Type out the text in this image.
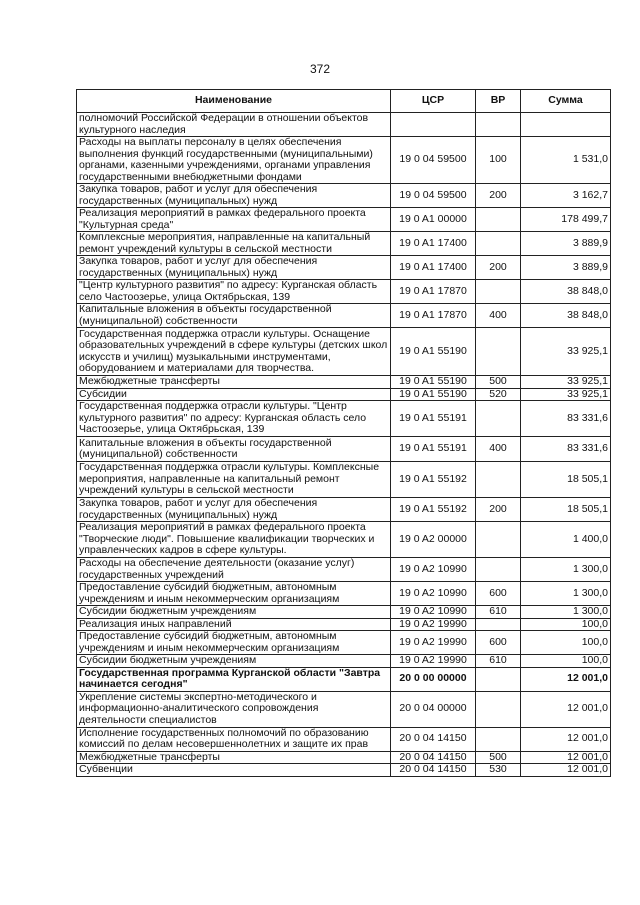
372
Наименование	ЦСР	ВР	Сумма
полномочий Российской Федерации в отношении объектов культурного наследия			
Расходы на выплаты персоналу в целях обеспечения выполнения функций государственными (муниципальными) органами, казенными учреждениями, органами управления государственными внебюджетными фондами	19 0 04 59500	100	1 531,0
Закупка товаров, работ и услуг для обеспечения государственных (муниципальных) нужд	19 0 04 59500	200	3 162,7
Реализация мероприятий в рамках федерального проекта "Культурная среда"	19 0 A1 00000		178 499,7
Комплексные мероприятия, направленные на капитальный ремонт учреждений культуры в сельской местности	19 0 A1 17400		3 889,9
Закупка товаров, работ и услуг для обеспечения государственных (муниципальных) нужд	19 0 A1 17400	200	3 889,9
"Центр культурного развития" по адресу: Курганская область село Частоозерье, улица Октябрьская, 139	19 0 A1 17870		38 848,0
Капитальные вложения в объекты государственной (муниципальной) собственности	19 0 A1 17870	400	38 848,0
Государственная поддержка отрасли культуры. Оснащение образовательных учреждений в сфере культуры (детских школ искусств и училищ) музыкальными инструментами, оборудованием и материалами для творчества.	19 0 A1 55190		33 925,1
Межбюджетные трансферты	19 0 A1 55190	500	33 925,1
Субсидии	19 0 A1 55190	520	33 925,1
Государственная поддержка отрасли культуры. "Центр культурного развития" по адресу: Курганская область село Частоозерье, улица Октябрьская, 139	19 0 A1 55191		83 331,6
Капитальные вложения в объекты государственной (муниципальной) собственности	19 0 A1 55191	400	83 331,6
Государственная поддержка отрасли культуры. Комплексные мероприятия, направленные на капитальный ремонт учреждений культуры в сельской местности	19 0 A1 55192		18 505,1
Закупка товаров, работ и услуг для обеспечения государственных (муниципальных) нужд	19 0 A1 55192	200	18 505,1
Реализация мероприятий в рамках федерального проекта "Творческие люди". Повышение квалификации творческих и управленческих кадров в сфере культуры.	19 0 A2 00000		1 400,0
Расходы на обеспечение деятельности (оказание услуг) государственных учреждений	19 0 A2 10990		1 300,0
Предоставление субсидий бюджетным, автономным учреждениям и иным некоммерческим организациям	19 0 A2 10990	600	1 300,0
Субсидии бюджетным учреждениям	19 0 A2 10990	610	1 300,0
Реализация иных направлений	19 0 A2 19990		100,0
Предоставление субсидий бюджетным, автономным учреждениям и иным некоммерческим организациям	19 0 A2 19990	600	100,0
Субсидии бюджетным учреждениям	19 0 A2 19990	610	100,0
Государственная программа Курганской области "Завтра начинается сегодня"	20 0 00 00000		12 001,0
Укрепление системы экспертно-методического и информационно-аналитического сопровождения деятельности специалистов	20 0 04 00000		12 001,0
Исполнение государственных полномочий по образованию комиссий по делам несовершеннолетних и защите их прав	20 0 04 14150		12 001,0
Межбюджетные трансферты	20 0 04 14150	500	12 001,0
Субвенции	20 0 04 14150	530	12 001,0
